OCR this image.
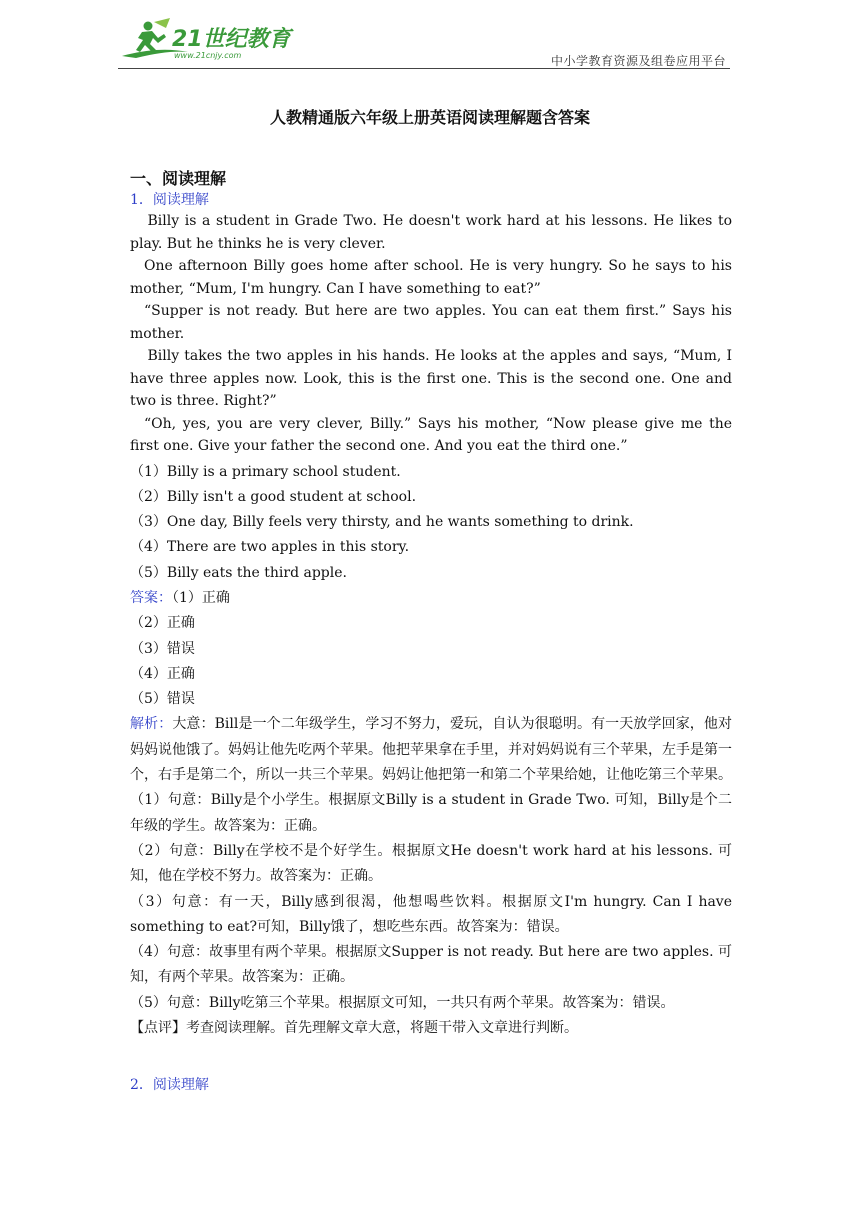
21世纪教育
www.21cnjy.com	中小学教育资源及组卷应用平台
人教精通版六年级上册英语阅读理解题含答案

一、阅读理解

1．阅读理解

Billy is a student in Grade Two. He doesn't work hard at his lessons. He likes to play. But he thinks he is very clever.

One afternoon Billy goes home after school. He is very hungry. So he says to his mother, “Mum, I'm hungry. Can I have something to eat?”

“Supper is not ready. But here are two apples. You can eat them first.” Says his mother.

Billy takes the two apples in his hands. He looks at the apples and says, “Mum, I have three apples now. Look, this is the first one. This is the second one. One and two is three. Right?”

“Oh, yes, you are very clever, Billy.” Says his mother, “Now please give me the first one. Give your father the second one. And you eat the third one.”

（1）Billy is a primary school student.

（2）Billy isn't a good student at school.

（3）One day, Billy feels very thirsty, and he wants something to drink.

（4）There are two apples in this story.

（5）Billy eats the third apple.

答案：（1）正确

（2）正确

（3）错误

（4）正确

（5）错误

解析：大意：Bill是一个二年级学生，学习不努力，爱玩，自认为很聪明。有一天放学回家，他对妈妈说他饿了。妈妈让他先吃两个苹果。他把苹果拿在手里，并对妈妈说有三个苹果，左手是第一个，右手是第二个，所以一共三个苹果。妈妈让他把第一和第二个苹果给她，让他吃第三个苹果。

（1）句意：Billy是个小学生。根据原文Billy is a student in Grade Two. 可知，Billy是个二年级的学生。故答案为：正确。

（2）句意：Billy在学校不是个好学生。根据原文He doesn't work hard at his lessons. 可知，他在学校不努力。故答案为：正确。

（3）句意：有一天，Billy感到很渴，他想喝些饮料。根据原文I'm hungry. Can I have something to eat?可知，Billy饿了，想吃些东西。故答案为：错误。

（4）句意：故事里有两个苹果。根据原文Supper is not ready. But here are two apples. 可知，有两个苹果。故答案为：正确。

（5）句意：Billy吃第三个苹果。根据原文可知，一共只有两个苹果。故答案为：错误。

【点评】考查阅读理解。首先理解文章大意，将题干带入文章进行判断。

2．阅读理解
